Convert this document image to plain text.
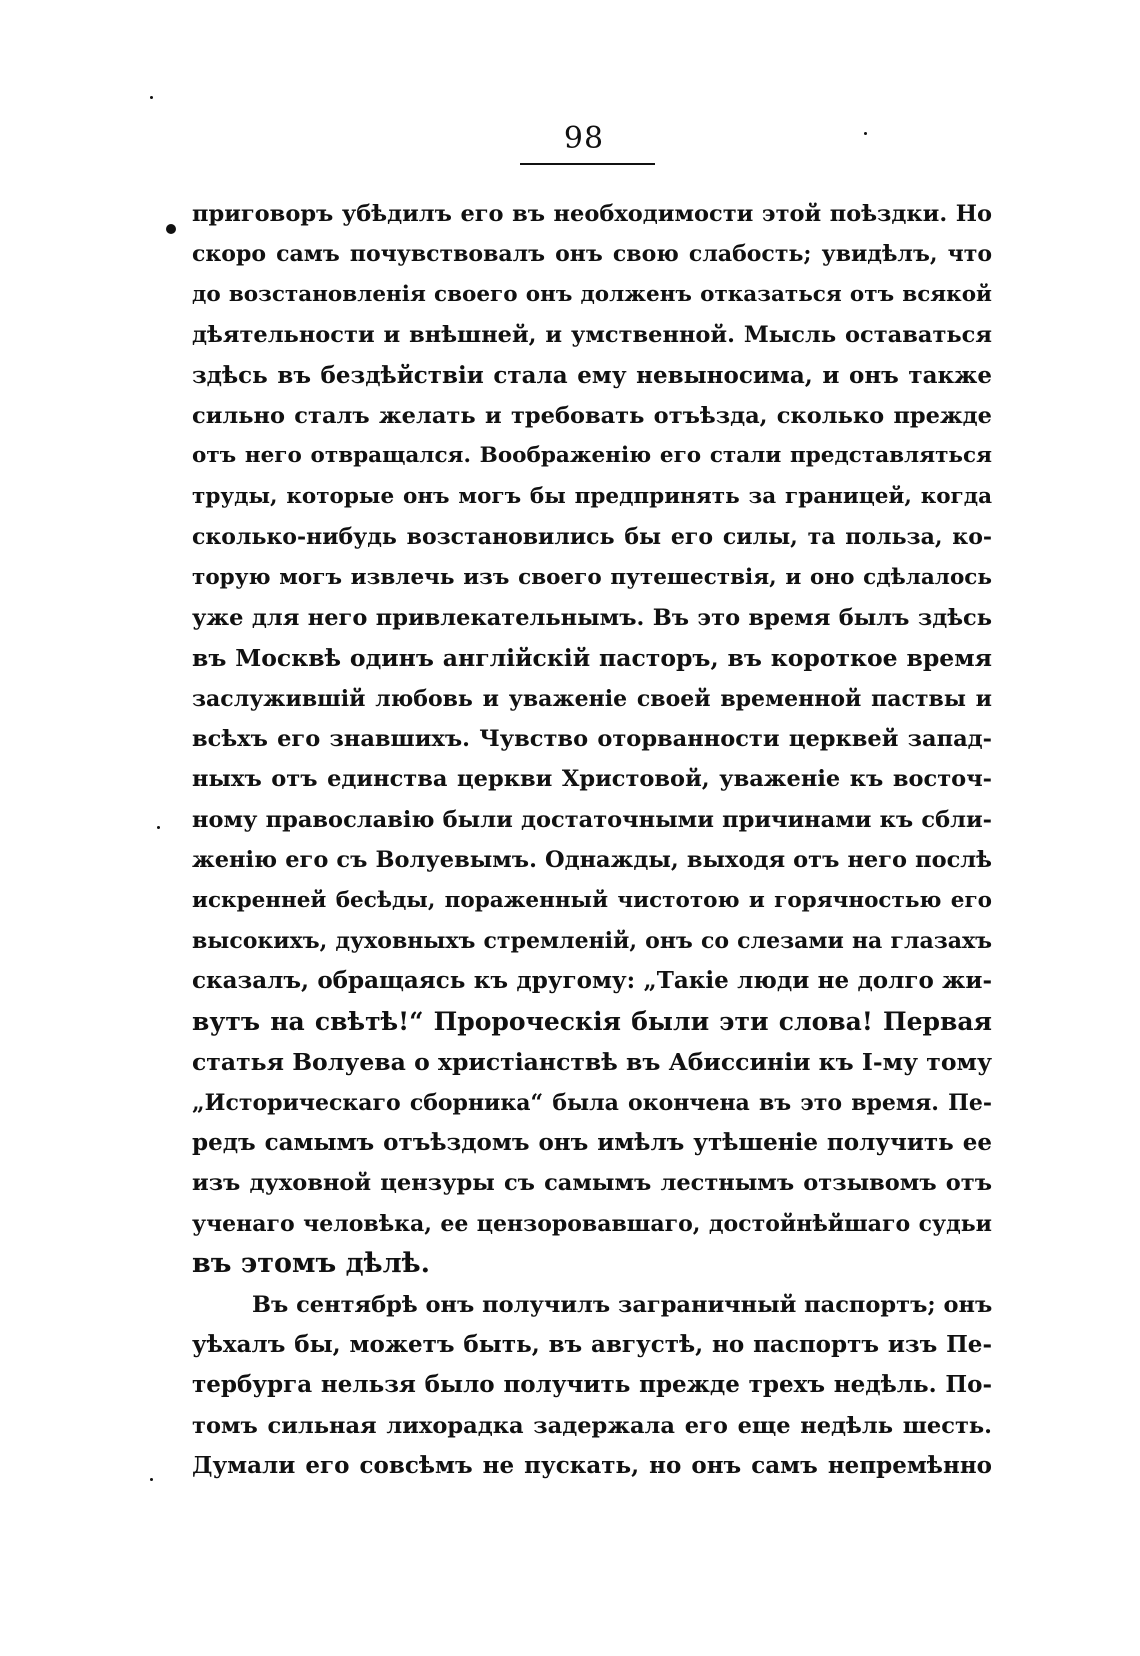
98
приговоръ убѣдилъ его въ необходимости этой поѣздки. Но
скоро самъ почувствовалъ онъ свою слабость; увидѣлъ, что
до возстановленія своего онъ долженъ отказаться отъ всякой
дѣятельности и внѣшней, и умственной. Мысль оставаться
здѣсь въ бездѣйствіи стала ему невыносима, и онъ также
сильно сталъ желать и требовать отъѣзда, сколько прежде
отъ него отвращался. Воображенію его стали представляться
труды, которые онъ могъ бы предпринять за границей, когда
сколько-нибудь возстановились бы его силы, та польза, ко-
торую могъ извлечь изъ своего путешествія, и оно сдѣлалось
уже для него привлекательнымъ. Въ это время былъ здѣсь
въ Москвѣ одинъ англійскій пасторъ, въ короткое время
заслужившій любовь и уваженіе своей временной паствы и
всѣхъ его знавшихъ. Чувство оторванности церквей запад-
ныхъ отъ единства церкви Христовой, уваженіе къ восточ-
ному православію были достаточными причинами къ сбли-
женію его съ Волуевымъ. Однажды, выходя отъ него послѣ
искренней бесѣды, пораженный чистотою и горячностью его
высокихъ, духовныхъ стремленій, онъ со слезами на глазахъ
сказалъ, обращаясь къ другому: „Такіе люди не долго жи-
вутъ на свѣтѣ!“ Пророческія были эти слова! Первая
статья Волуева о христіанствѣ въ Абиссиніи къ I-му тому
„Историческаго сборника“ была окончена въ это время. Пе-
редъ самымъ отъѣздомъ онъ имѣлъ утѣшеніе получить ее
изъ духовной цензуры съ самымъ лестнымъ отзывомъ отъ
ученаго человѣка, ее цензоровавшаго, достойнѣйшаго судьи
въ этомъ дѣлѣ.
Въ сентябрѣ онъ получилъ заграничный паспортъ; онъ
уѣхалъ бы, можетъ быть, въ августѣ, но паспортъ изъ Пе-
тербурга нельзя было получить прежде трехъ недѣль. По-
томъ сильная лихорадка задержала его еще недѣль шесть.
Думали его совсѣмъ не пускать, но онъ самъ непремѣнно
